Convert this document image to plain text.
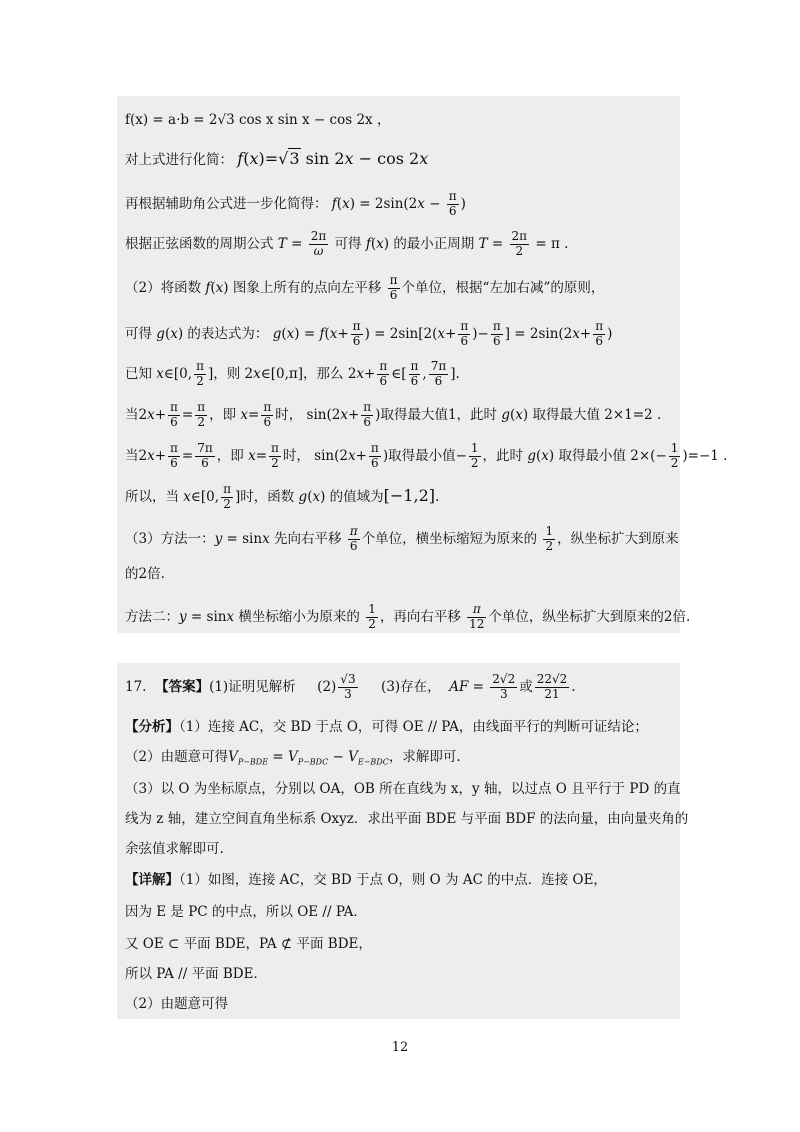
f(x) = a·b = 2√3 cos x sin x − cos 2x ，
对上式进行化简： f(x)=√3 sin 2x − cos 2x
再根据辅助角公式进一步化简得： $f(x) = 2\sin(2x - \frac{\pi}{6}$ )
根据正弦函数的周期公式 $T = \frac{2\pi}{\omega}$ 可得 f(x) 的最小正周期 $T = \frac{2\pi}{2} = \pi$ .
（2）将函数 f(x) 图象上所有的点向左平移 $\frac{\pi}{6}$ 个单位，根据“左加右减”的原则，
可得 g(x) 的表达式为： $g(x) = f(x+ \frac{\pi}{6}$ ) = $2\sin[2(x+ \frac{\pi}{6}$ )− $\frac{\pi}{6}$ ] = $2\sin(2x+ \frac{\pi}{6}$ )
已知 x∈[0, $\frac{\pi}{2}$ ]，则 2x∈[0,π]，那么 $2x+ \frac{\pi}{6}$ ∈[ $\frac{\pi}{6}$ , $\frac{7\pi}{6}$ ].
当$2x+ \frac{\pi}{6} = \frac{\pi}{2}$ ，即 $x= \frac{\pi}{6}$ 时， $\sin(2x+ \frac{\pi}{6}$ )取得最大值1，此时 g(x) 取得最大值 2×1=2 .
当$2x+ \frac{\pi}{6} = \frac{7\pi}{6}$ ，即 $x= \frac{\pi}{2}$ 时， $\sin(2x+ \frac{\pi}{6}$ )取得最小值− $\frac{1}{2}$ ，此时 g(x) 取得最小值 $2\times(- \frac{1}{2} )=-1$ .
所以，当 x∈[0, $\frac{\pi}{2}$ ]时，函数 g(x) 的值域为[−1,2].
（3）方法一：y = sinx 先向右平移 $\frac{\pi}{6}$ 个单位，横坐标缩短为原来的 $\frac{1}{2}$ ，纵坐标扩大到原来
的2倍.
方法二：y = sinx 横坐标缩小为原来的 $\frac{1}{2}$ ，再向右平移 $\frac{\pi}{12}$ 个单位，纵坐标扩大到原来的2倍.
17. 【答案】(1)证明见解析 $(2) \frac{√3}{3} (3)$存在， AF = $\frac{2√2}{3}$ 或 $\frac{22√2}{21}$ .
【分析】（1）连接 AC，交 BD 于点 O，可得 OE // PA，由线面平行的判断可证结论；
（2）由题意可得$V_{P-BDE} = V_{P-BDC} - V_{E-BDC}$，求解即可.
（3）以 O 为坐标原点，分别以 OA，OB 所在直线为 x，y 轴，以过点 O 且平行于 PD 的直
线为 z 轴，建立空间直角坐标系 Oxyz．求出平面 BDE 与平面 BDF 的法向量，由向量夹角的
余弦值求解即可.
【详解】（1）如图，连接 AC，交 BD 于点 O，则 O 为 AC 的中点．连接 OE，
因为 E 是 PC 的中点，所以 OE // PA．
又 OE ⊂ 平面 BDE，PA ⊄ 平面 BDE，
所以 PA // 平面 BDE．
（2）由题意可得
12
